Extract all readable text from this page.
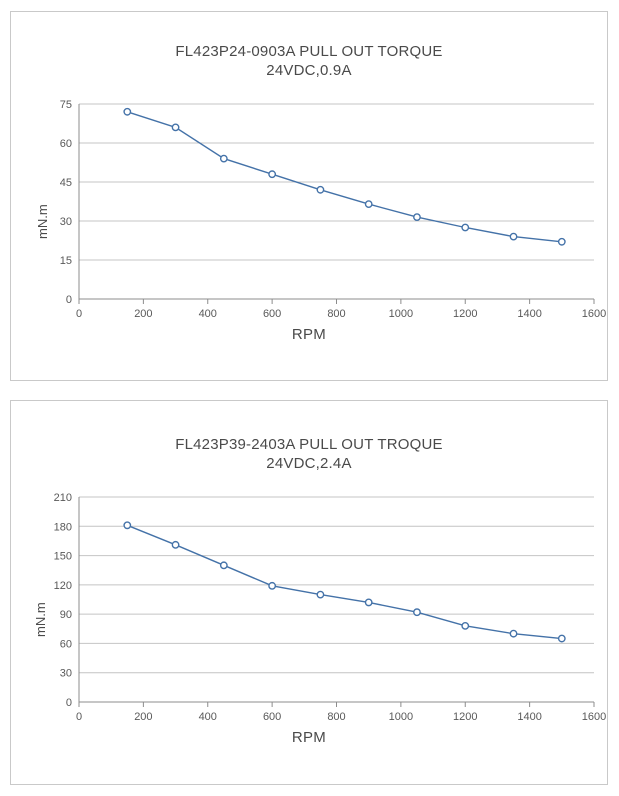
FL423P24-0903A PULL OUT TORQUE
24VDC,0.9A
mN.m
0
15
30
45
60
75
0	200	400	600	800	1000	1200	1400	1600
RPM
FL423P39-2403A PULL OUT TROQUE
24VDC,2.4A
mN.m
0
30
60
90
120
150
180
210
0	200	400	600	800	1000	1200	1400	1600
RPM
